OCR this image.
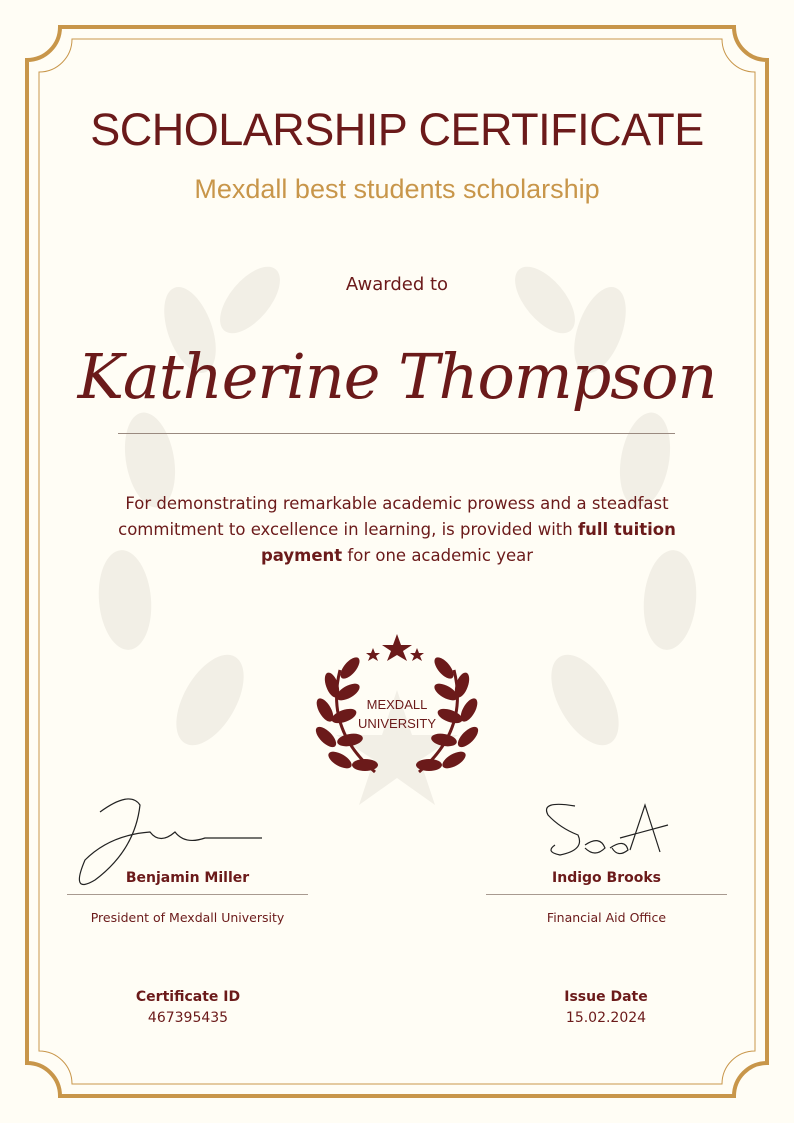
SCHOLARSHIP CERTIFICATE
Mexdall best students scholarship
Awarded to
Katherine Thompson
For demonstrating remarkable academic prowess and a steadfast commitment to excellence in learning, is provided with full tuition payment for one academic year
MEXDALL
UNIVERSITY
Benjamin Miller
President of Mexdall University
Indigo Brooks
Financial Aid Office
Certificate ID
467395435
Issue Date
15.02.2024
